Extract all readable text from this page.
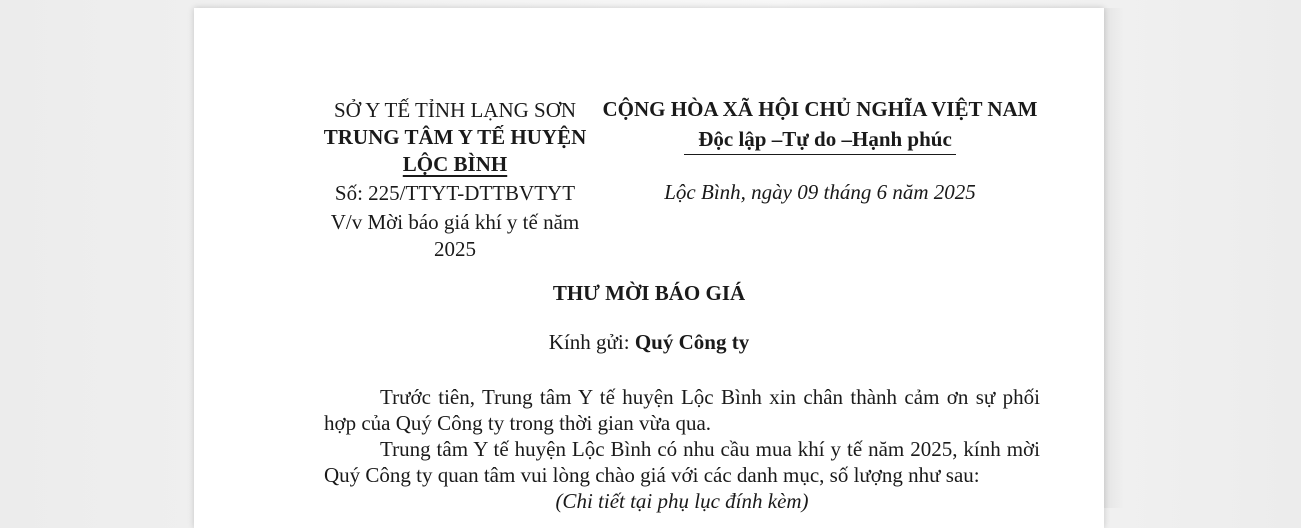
SỞ Y TẾ TỈNH LẠNG SƠN
TRUNG TÂM Y TẾ HUYỆN
LỘC BÌNH
Số: 225/TTYT-DTTBVTYT
V/v Mời báo giá khí y tế năm
2025
CỘNG HÒA XÃ HỘI CHỦ NGHĨA VIỆT NAM
Độc lập –Tự do –Hạnh phúc
Lộc Bình, ngày 09 tháng 6 năm 2025
THƯ MỜI BÁO GIÁ
Kính gửi: Quý Công ty

Trước tiên, Trung tâm Y tế huyện Lộc Bình xin chân thành cảm ơn sự phối hợp của Quý Công ty trong thời gian vừa qua.

Trung tâm Y tế huyện Lộc Bình có nhu cầu mua khí y tế năm 2025, kính mời Quý Công ty quan tâm vui lòng chào giá với các danh mục, số lượng như sau:

(Chi tiết tại phụ lục đính kèm)
